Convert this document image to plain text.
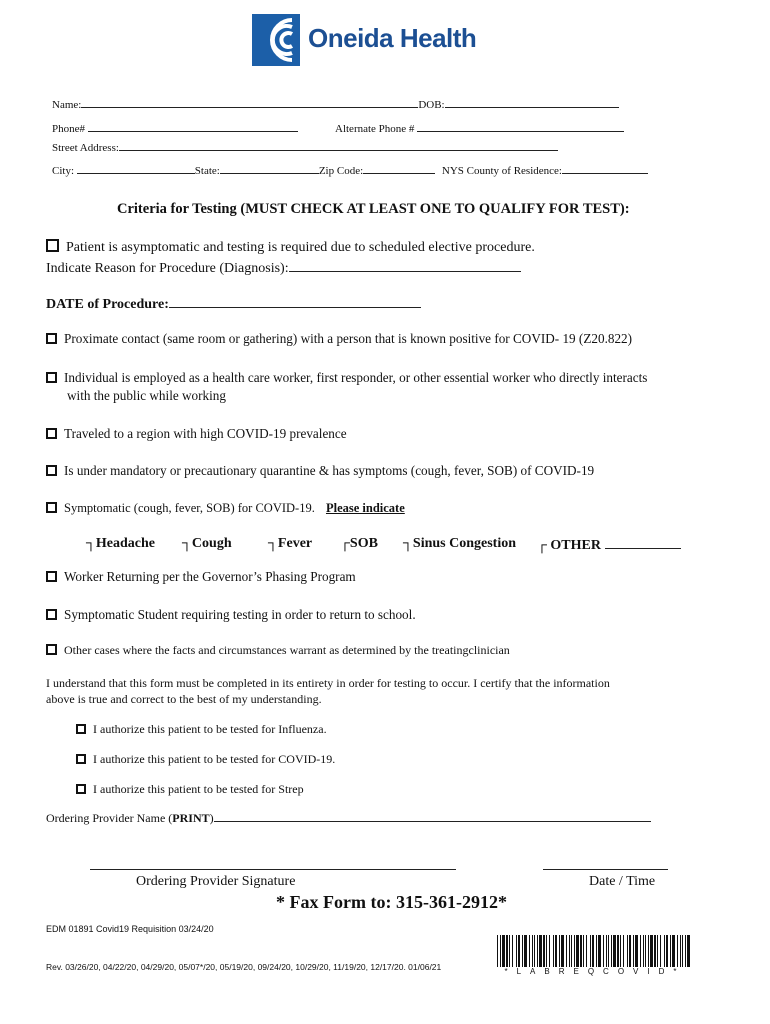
Oneida Health
Name:	DOB:
Phone#	Alternate Phone #
Street Address:
City:	State:	Zip Code:	NYS County of Residence:
Criteria for Testing (MUST CHECK AT LEAST ONE TO QUALIFY FOR TEST):
Patient is asymptomatic and testing is required due to scheduled elective procedure.
Indicate Reason for Procedure (Diagnosis):
DATE of Procedure:
Proximate contact (same room or gathering) with a person that is known positive for COVID- 19 (Z20.822)
Individual is employed as a health care worker, first responder, or other essential worker who directly interacts
with the public while working
Traveled to a region with high COVID-19 prevalence
Is under mandatory or precautionary quarantine & has symptoms (cough, fever, SOB) of COVID-19
Symptomatic (cough, fever, SOB) for COVID-19. Please indicate
┐Headache ┐Cough	┐Fever ┌SOB ┐Sinus Congestion ┌ OTHER
Worker Returning per the Governor’s Phasing Program
Symptomatic Student requiring testing in order to return to school.
Other cases where the facts and circumstances warrant as determined by the treatingclinician
I understand that this form must be completed in its entirety in order for testing to occur. I certify that the information
above is true and correct to the best of my understanding.
I authorize this patient to be tested for Influenza.
I authorize this patient to be tested for COVID-19.
I authorize this patient to be tested for Strep
Ordering Provider Name (PRINT)
Ordering Provider Signature	Date / Time
* Fax Form to: 315-361-2912*
EDM 01891 Covid19 Requisition 03/24/20
Rev. 03/26/20, 04/22/20, 04/29/20, 05/07*/20, 05/19/20, 09/24/20, 10/29/20, 11/19/20, 12/17/20. 01/06/21	*LABREQCOVID*
